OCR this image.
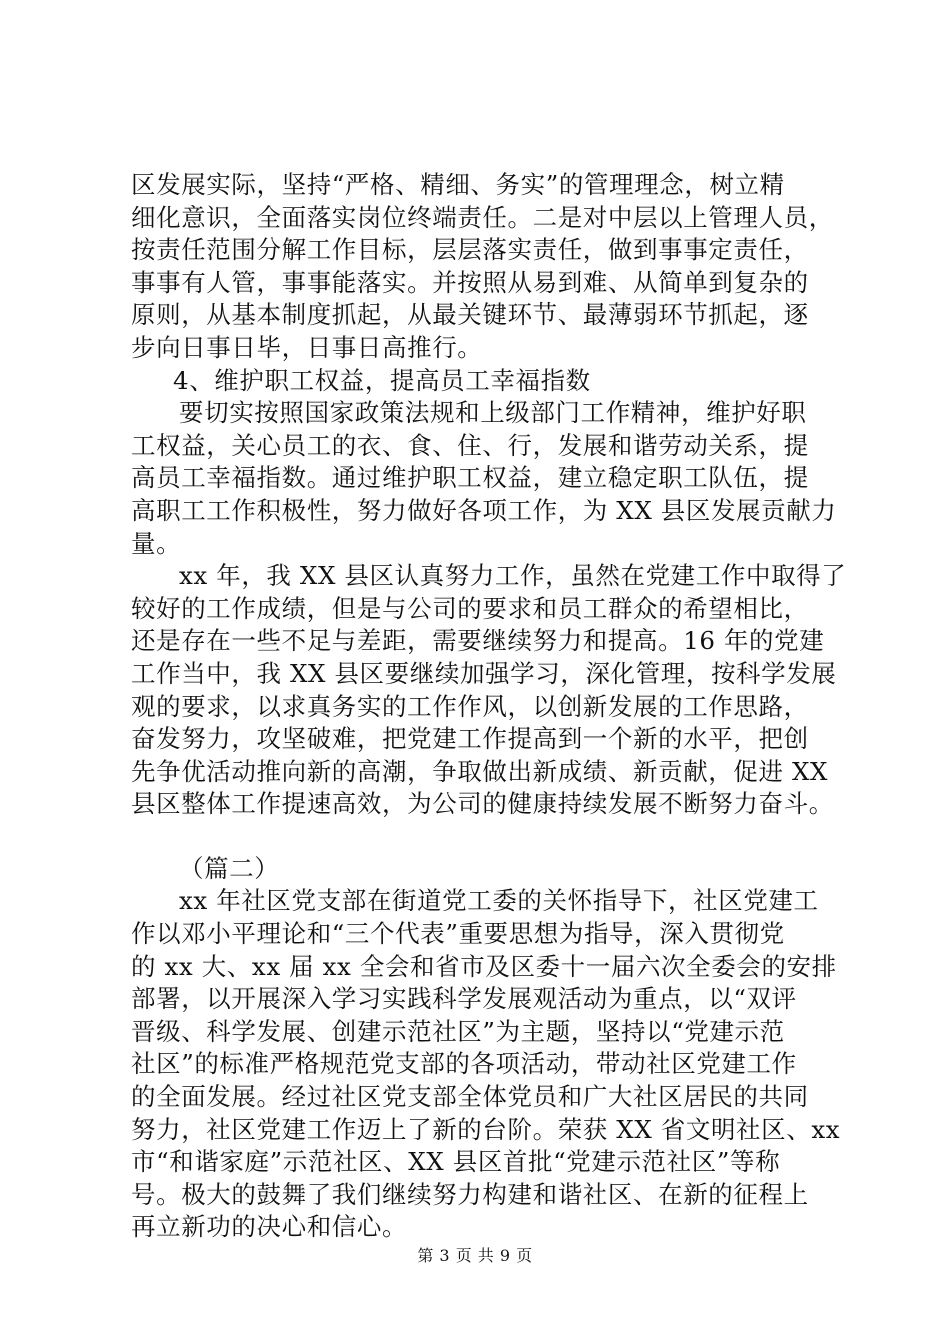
区发展实际，坚持“严格、精细、务实”的管理理念，树立精
细化意识，全面落实岗位终端责任。二是对中层以上管理人员，
按责任范围分解工作目标，层层落实责任，做到事事定责任，
事事有人管，事事能落实。并按照从易到难、从简单到复杂的
原则，从基本制度抓起，从最关键环节、最薄弱环节抓起，逐
步向日事日毕，日事日高推行。
4、维护职工权益，提高员工幸福指数
要切实按照国家政策法规和上级部门工作精神，维护好职
工权益，关心员工的衣、食、住、行，发展和谐劳动关系，提
高员工幸福指数。通过维护职工权益，建立稳定职工队伍，提
高职工工作积极性，努力做好各项工作，为 XX 县区发展贡献力
量。
xx 年，我 XX 县区认真努力工作，虽然在党建工作中取得了
较好的工作成绩，但是与公司的要求和员工群众的希望相比，
还是存在一些不足与差距，需要继续努力和提高。16 年的党建
工作当中，我 XX 县区要继续加强学习，深化管理，按科学发展
观的要求，以求真务实的工作作风，以创新发展的工作思路，
奋发努力，攻坚破难，把党建工作提高到一个新的水平，把创
先争优活动推向新的高潮，争取做出新成绩、新贡献，促进 XX
县区整体工作提速高效，为公司的健康持续发展不断努力奋斗。
（篇二）
xx 年社区党支部在街道党工委的关怀指导下，社区党建工
作以邓小平理论和“三个代表”重要思想为指导，深入贯彻党
的 xx 大、xx 届 xx 全会和省市及区委十一届六次全委会的安排
部署，以开展深入学习实践科学发展观活动为重点，以“双评
晋级、科学发展、创建示范社区”为主题，坚持以“党建示范
社区”的标准严格规范党支部的各项活动，带动社区党建工作
的全面发展。经过社区党支部全体党员和广大社区居民的共同
努力，社区党建工作迈上了新的台阶。荣获 XX 省文明社区、xx
市“和谐家庭”示范社区、XX 县区首批“党建示范社区”等称
号。极大的鼓舞了我们继续努力构建和谐社区、在新的征程上
再立新功的决心和信心。
第 3 页 共 9 页
